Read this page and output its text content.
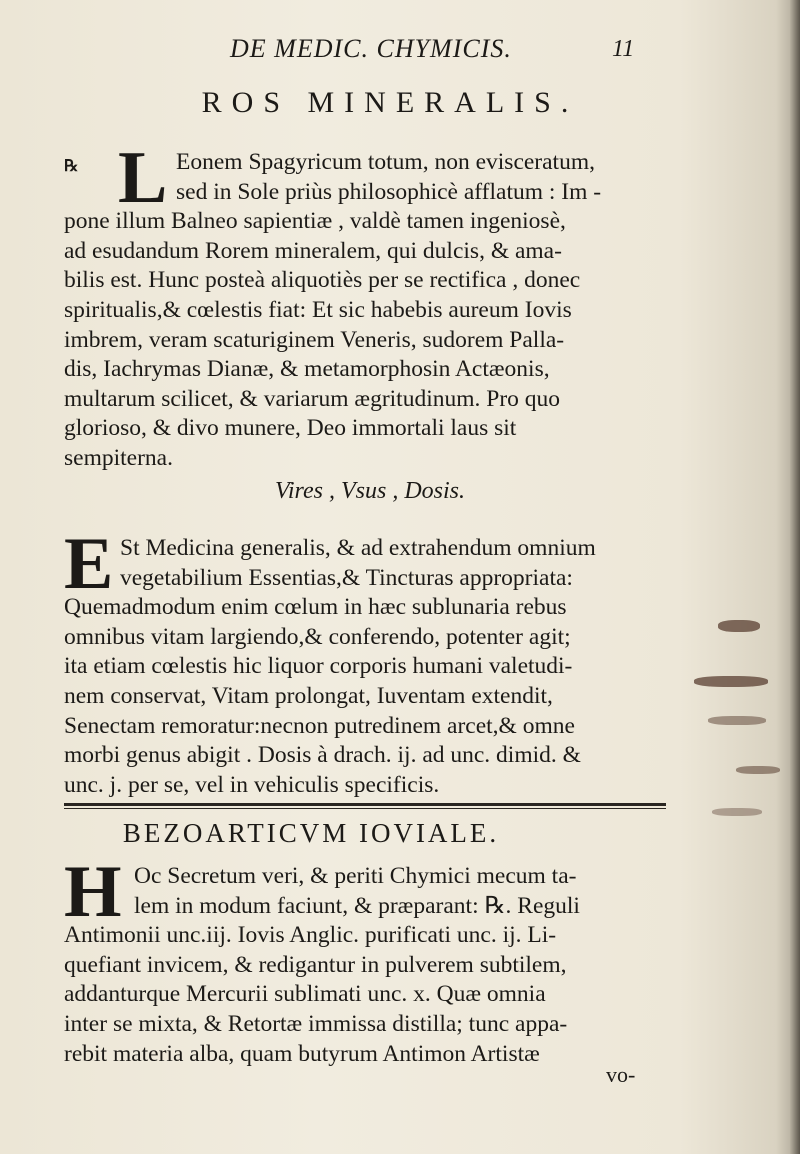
DE MEDIC. CHYMICIS.	11
ROS MINERALIS.
℞ L Eonem Spagyricum totum, non evisceratum,
sed in Sole priùs philosophicè afflatum : Im -
pone illum Balneo sapientiæ , valdè tamen ingeniosè,
ad esudandum Rorem mineralem, qui dulcis, & ama-
bilis est. Hunc posteà aliquotiès per se rectifica , donec
spiritualis,& cœlestis fiat: Et sic habebis aureum Iovis
imbrem, veram scaturiginem Veneris, sudorem Palla-
dis, Iachrymas Dianæ, & metamorphosin Actæonis,
multarum scilicet, & variarum ægritudinum. Pro quo
glorioso, & divo munere, Deo immortali laus sit
sempiterna.
Vires , Vsus , Dosis.
E St Medicina generalis, & ad extrahendum omnium
vegetabilium Essentias,& Tincturas appropriata:
Quemadmodum enim cœlum in hæc sublunaria rebus
omnibus vitam largiendo,& conferendo, potenter agit;
ita etiam cœlestis hic liquor corporis humani valetudi-
nem conservat, Vitam prolongat, Iuventam extendit,
Senectam remoratur:necnon putredinem arcet,& omne
morbi genus abigit . Dosis à drach. ij. ad unc. dimid. &
unc. j. per se, vel in vehiculis specificis.
BEZOARTICVM IOVIALE.
H Oc Secretum veri, & periti Chymici mecum ta-
lem in modum faciunt, & præparant: ℞. Reguli
Antimonii unc.iij. Iovis Anglic. purificati unc. ij. Li-
quefiant invicem, & redigantur in pulverem subtilem,
addanturque Mercurii sublimati unc. x. Quæ omnia
inter se mixta, & Retortæ immissa distilla; tunc appa-
rebit materia alba, quam butyrum Antimon Artistæ
vo-
